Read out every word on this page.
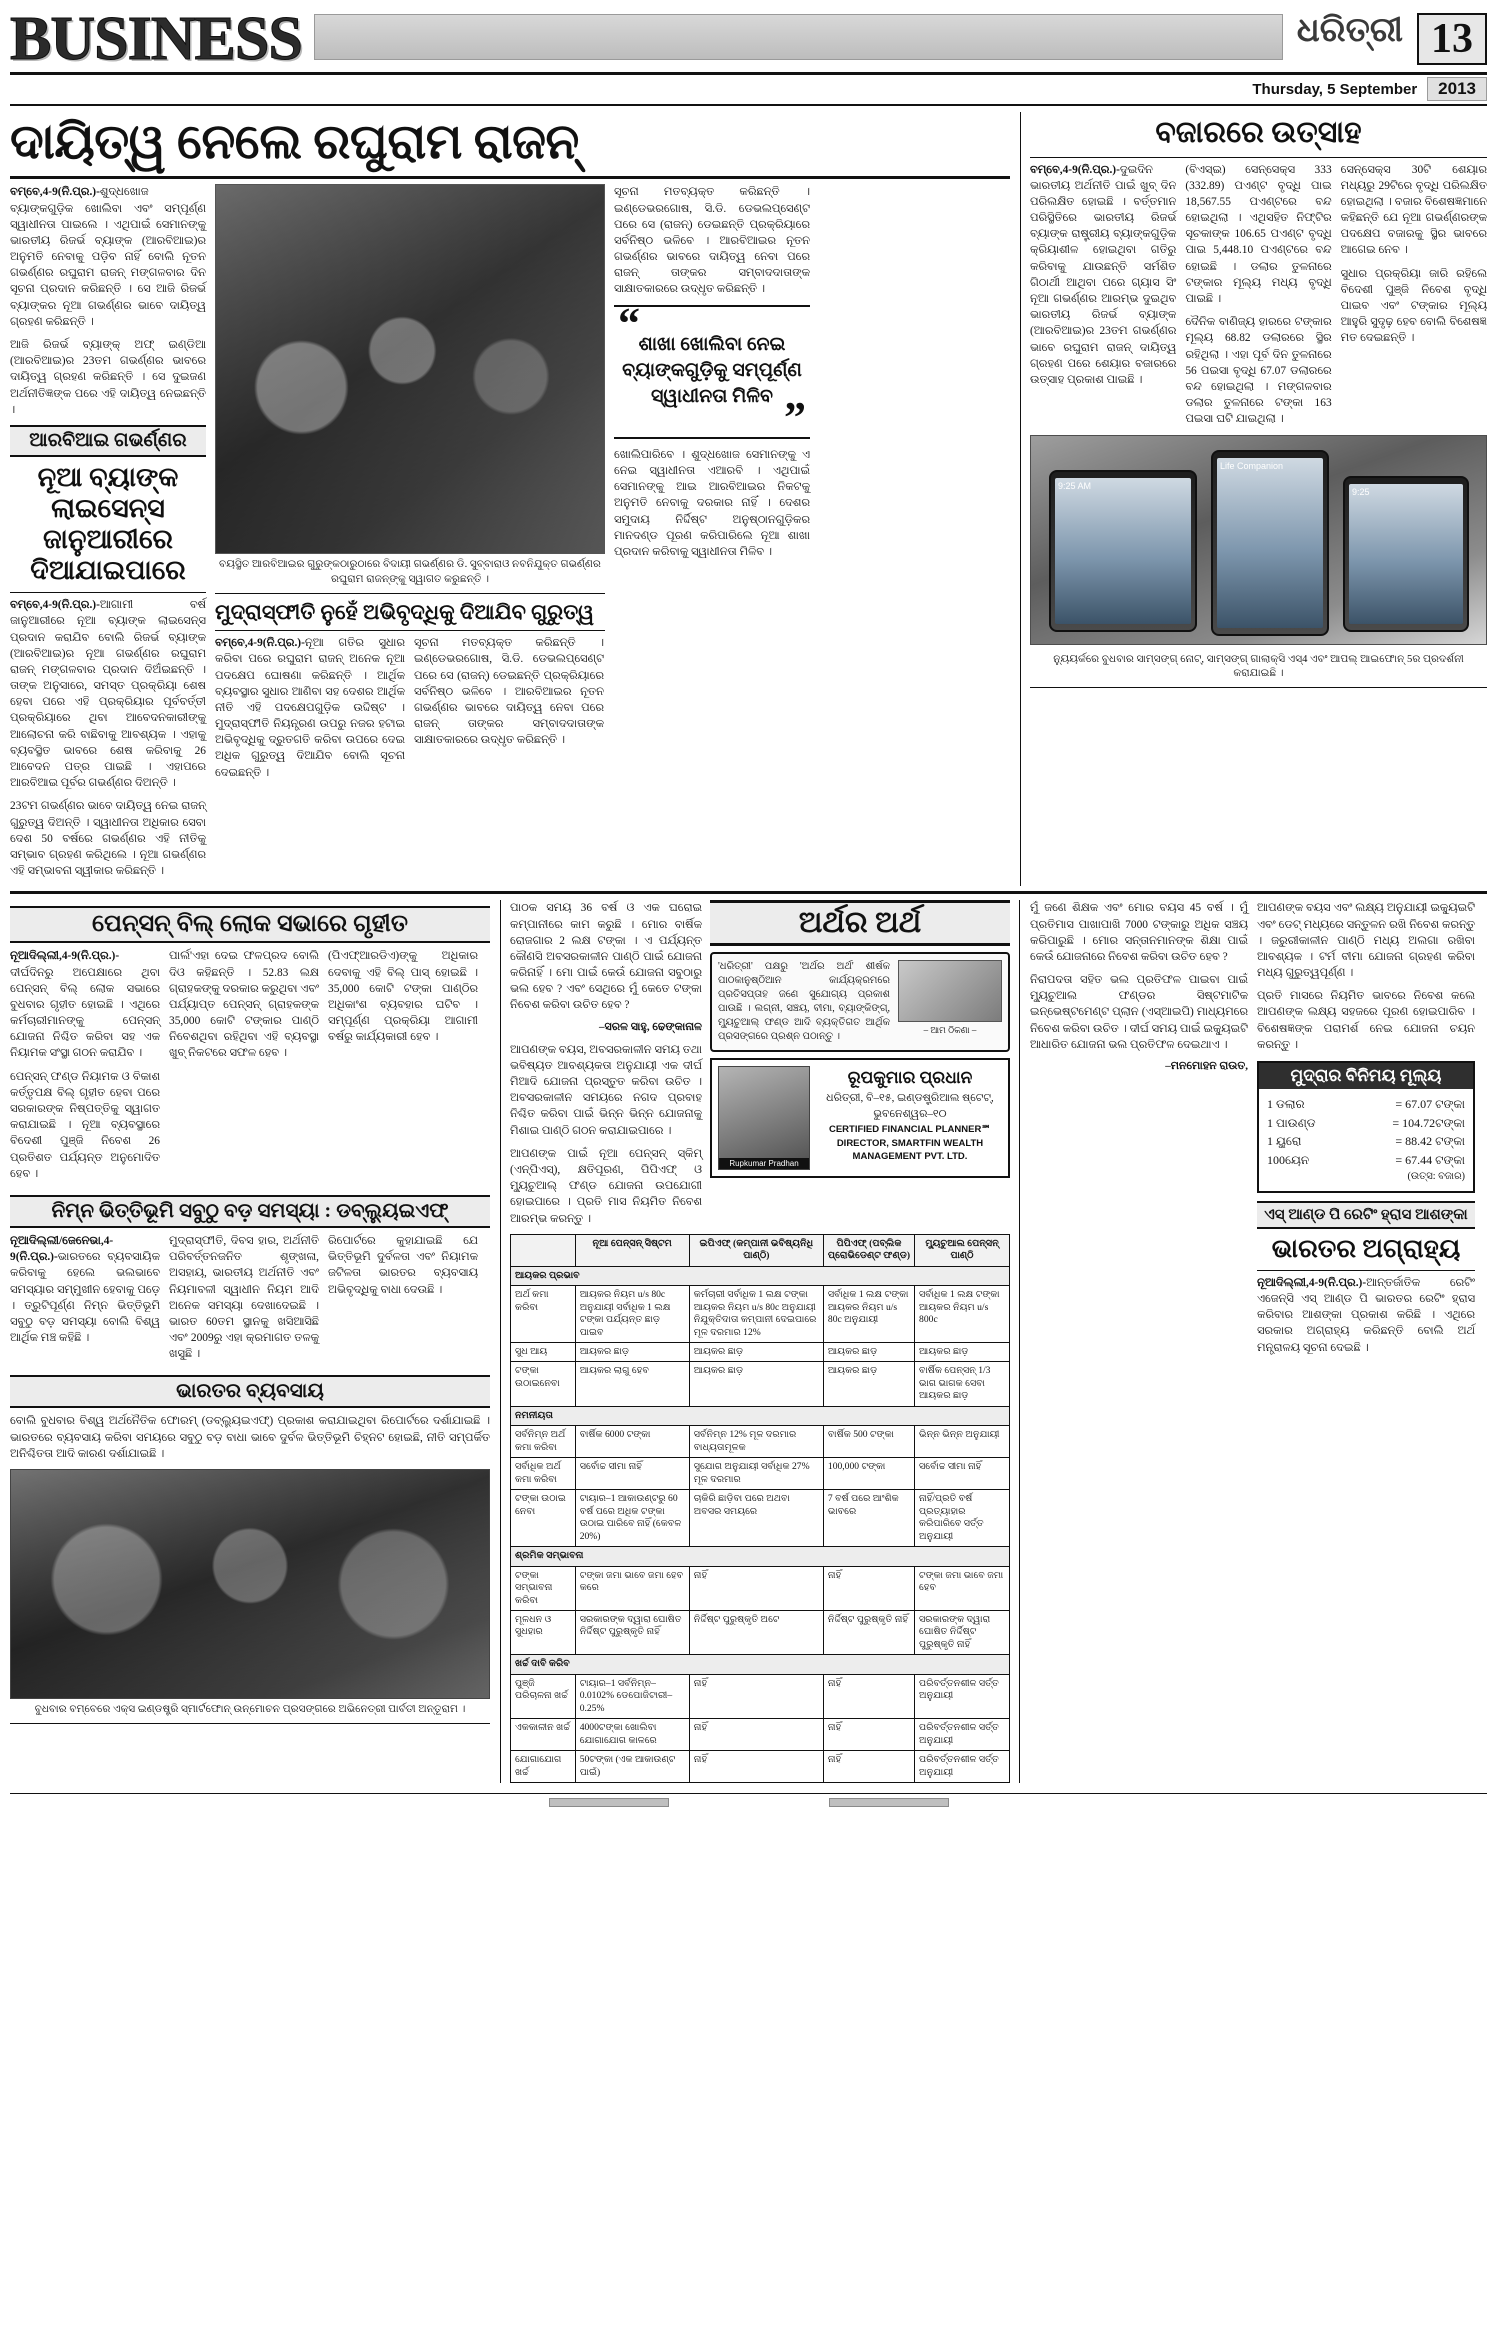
BUSINESS	ଧରିତ୍ରୀ 13
Thursday, 5 September	2013
ଦାୟିତ୍ୱ ନେଲେ ରଘୁରାମ ରାଜନ୍

ବମ୍ବେ,4-9(ନି.ପ୍ର.)-ଶୁଦ୍ଧଖୋଜ ବ୍ୟାଙ୍କଗୁଡ଼ିକ ଖୋଲିବା ଏବଂ ସମ୍ପୂର୍ଣ୍ଣ ସ୍ୱାଧୀନତା ପାଇଲେ । ଏଥିପାଇଁ ସେମାନଙ୍କୁ ଭାରତୀୟ ରିଜର୍ଭ ବ୍ୟାଙ୍କ (ଆରବିଆଇ)ର ଅନୁମତି ନେବାକୁ ପଡ଼ିବ ନାହିଁ ବୋଲି ନୂତନ ଗଭର୍ଣ୍ଣର ରଘୁରାମ ରାଜନ୍ ମଙ୍ଗଳବାର ଦିନ ସୂଚନା ପ୍ରଦାନ କରିଛନ୍ତି । ସେ ଆଜି ରିଜର୍ଭ ବ୍ୟାଙ୍କର ନୂଆ ଗଭର୍ଣ୍ଣର ଭାବେ ଦାୟିତ୍ୱ ଗ୍ରହଣ କରିଛନ୍ତି ।

ଆଜି ରିଜର୍ଭ ବ୍ୟାଙ୍କ୍ ଅଫ୍ ଇଣ୍ଡିଆ (ଆରବିଆଇ)ର 23ତମ ଗଭର୍ଣ୍ଣର ଭାବରେ ଦାୟିତ୍ୱ ଗ୍ରହଣ କରିଛନ୍ତି । ସେ ଦୁଇଜଣ ଅର୍ଥନୀତିଜ୍ଞଙ୍କ ପରେ ଏହି ଦାୟିତ୍ୱ ନେଇଛନ୍ତି ।

ଆରବିଆଇ ଗଭର୍ଣ୍ଣର
ନୂଆ ବ୍ୟାଙ୍କ ଲାଇସେନ୍ସ ଜାନୁଆରୀରେ ଦିଆଯାଇପାରେ

ବମ୍ବେ,4-9(ନି.ପ୍ର.)-ଆଗାମୀ ବର୍ଷ ଜାନୁଆରୀରେ ନୂଆ ବ୍ୟାଙ୍କ ଲାଇସେନ୍ସ ପ୍ରଦାନ କରାଯିବ ବୋଲି ରିଜର୍ଭ ବ୍ୟାଙ୍କ (ଆରବିଆଇ)ର ନୂଆ ଗଭର୍ଣ୍ଣର ରଘୁରାମ ରାଜନ୍ ମଙ୍ଗଳବାର ପ୍ରଦାନ ଦିଅଁଇଛନ୍ତି । ତାଙ୍କ ଅନୁସାରେ, ସମସ୍ତ ପ୍ରକ୍ରିୟା ଶେଷ ହେବା ପରେ ଏହି ପ୍ରକ୍ରିୟାର ପୂର୍ବବର୍ତ୍ତୀ ପ୍ରକ୍ରିୟାରେ ଥିବା ଆବେଦନକାରୀଙ୍କୁ ଆଲୋଚନା କରି ବାଛିବାକୁ ଆବଶ୍ୟକ । ଏହାକୁ ବ୍ୟବସ୍ଥିତ ଭାବରେ ଶେଷ କରିବାକୁ 26 ଆବେଦନ ପତ୍ର ପାଇଛି । ଏହାପରେ ଆରବିଆଇ ପୂର୍ବର ଗଭର୍ଣ୍ଣର ଦିଅନ୍ତି ।

23ଟମ ଗଭର୍ଣ୍ଣର ଭାବେ ଦାୟିତ୍ୱ ନେଇ ରାଜନ୍ ଗୁରୁତ୍ୱ ଦିଅନ୍ତି । ସ୍ୱାଧୀନତା ଅଧିକାର ସେବା ଦେଶ 50 ବର୍ଷରେ ଗଭର୍ଣ୍ଣର ଏହି ନୀତିକୁ ସମ୍ଭାବ ଗ୍ରହଣ କରିଥିଲେ । ନୂଆ ଗଭର୍ଣ୍ଣର ଏହି ସମ୍ଭାବନା ସ୍ୱୀକାର କରିଛନ୍ତି ।

ବୟସ୍ଥିତ ଆରବିଆଇର ଗୁରୁଙ୍କଠାରୁଠାରେ ବିଦାୟୀ ଗଭର୍ଣ୍ଣର ଡି. ସୁବ୍ବାରାଓ ନବନିଯୁକ୍ତ ଗଭର୍ଣ୍ଣର ରଘୁରାମ ରାଜନ୍‌ଙ୍କୁ ସ୍ୱାଗତ କରୁଛନ୍ତି ।
ମୁଦ୍ରାସ୍ଫୀତି ନୁହେଁ ଅଭିବୃଦ୍ଧିକୁ ଦିଆଯିବ ଗୁରୁତ୍ୱ

ବମ୍ବେ,4-9(ନି.ପ୍ର.)-ନୂଆ ଗତିର ସୁଧାର କରିବା ପରେ ରଘୁରାମ ରାଜନ୍ ଅନେକ ନୂଆ ପଦକ୍ଷେପ ଘୋଷଣା କରିଛନ୍ତି । ଆର୍ଥିକ ବ୍ୟବସ୍ଥାର ସୁଧାର ଆଣିବା ସହ ଦେଶର ଆର୍ଥିକ ନୀତି ଏହି ପଦକ୍ଷେପଗୁଡ଼ିକ ଉଦ୍ଦିଷ୍ଟ । ମୁଦ୍ରାସ୍ଫୀତି ନିୟନ୍ତ୍ରଣ ଉପରୁ ନଜର ହଟାଇ ଅଭିବୃଦ୍ଧିକୁ ଦ୍ରୁତଗତି କରିବା ଉପରେ ଦେଇ ଅଧିକ ଗୁରୁତ୍ୱ ଦିଆଯିବ ବୋଲି ସୂଚନା ଦେଇଛନ୍ତି ।

ସୂଚନା ମତବ୍ୟକ୍ତ କରିଛନ୍ତି । ଇଣ୍ଡେଭରଗୋଷ, ସି.ଡି. ଡେଭଲପ୍‌ସେଣ୍ଟ ପରେ ସେ (ରାଜନ୍) ଡେଇଛନ୍ତି ପ୍ରକ୍ରିୟାରେ ସର୍ବନିଷ୍ଠ ଭଳିବେ । ଆରବିଆଇର ନୂତନ ଗଭର୍ଣ୍ଣର ଭାବରେ ଦାୟିତ୍ୱ ନେବା ପରେ ରାଜନ୍ ତାଙ୍କର ସମ୍ବାଦଦାତାଙ୍କ ସାକ୍ଷାତକାରରେ ଉଦ୍ଧୃତ କରିଛନ୍ତି ।

ସୂଚନା ମତବ୍ୟକ୍ତ କରିଛନ୍ତି । ଇଣ୍ଡେଭରଗୋଷ, ସି.ଡି. ଡେଭଲପ୍‌ସେଣ୍ଟ ପରେ ସେ (ରାଜନ୍) ଡେଇଛନ୍ତି ପ୍ରକ୍ରିୟାରେ ସର୍ବନିଷ୍ଠ ଭଳିବେ । ଆରବିଆଇର ନୂତନ ଗଭର୍ଣ୍ଣର ଭାବରେ ଦାୟିତ୍ୱ ନେବା ପରେ ରାଜନ୍ ତାଙ୍କର ସମ୍ବାଦଦାତାଙ୍କ ସାକ୍ଷାତକାରରେ ଉଦ୍ଧୃତ କରିଛନ୍ତି ।

“
ଶାଖା ଖୋଲିବା ନେଇ ବ୍ୟାଙ୍କଗୁଡ଼ିକୁ ସମ୍ପୂର୍ଣ୍ଣ ସ୍ୱାଧୀନତା ମିଳିବ ”

ଖୋଲିପାରିବେ । ଶୁଦ୍ଧଖୋଜ ସେମାନଙ୍କୁ ଏ ନେଇ ସ୍ୱାଧୀନତା ଏଆରବି । ଏଥିପାଇଁ ସେମାନଙ୍କୁ ଆଇ ଆରବିଆଇର ନିକଟକୁ ଅନୁମତି ନେବାକୁ ଦରକାର ନାହିଁ । ଦେଶର ସମୁଦାୟ ନିର୍ଦ୍ଦିଷ୍ଟ ଅନୁଷ୍ଠାନଗୁଡ଼ିକର ମାନଦଣ୍ଡ ପୂରଣ କରିପାରିଲେ ନୂଆ ଶାଖା ପ୍ରଦାନ କରିବାକୁ ସ୍ୱାଧୀନତା ମିଳିବ ।

ବଜାରରେ ଉତ୍ସାହ

ବମ୍ବେ,4-9(ନି.ପ୍ର.)-ଦୁଇଦିନ ଭାରତୀୟ ଅର୍ଥନୀତି ପାଇଁ ଖୁବ୍ ଦିନ ପରିଲକ୍ଷିତ ହୋଇଛି । ବର୍ତ୍ତମାନ ପରିସ୍ଥିତିରେ ଭାରତୀୟ ରିଜର୍ଭ ବ୍ୟାଙ୍କ ରାଷ୍ଟ୍ରୀୟ ବ୍ୟାଙ୍କଗୁଡ଼ିକ କ୍ରିୟାଶୀଳ ହୋଇଥିବା ଗତିରୁ କରିବାକୁ ଯାଉଛନ୍ତି ସର୍ମଶିତ ଗିଠାର୍ଥୀ ଆଥିବା ପରେ ଗ୍ୟାସ ସିଂ ନୂଆ ଗଭର୍ଣ୍ଣର ଆରମ୍ଭ ଦୁଇଥିବ ଭାରତୀୟ ରିଜର୍ଭ ବ୍ୟାଙ୍କ (ଆରବିଆଇ)ର 23ତମ ଗଭର୍ଣ୍ଣର ଭାବେ ରଘୁରାମ ରାଜନ୍ ଦାୟିତ୍ୱ ଗ୍ରହଣ ପରେ ଶେୟାର ବଜାରରେ ଉତ୍ସାହ ପ୍ରକାଶ ପାଇଛି ।

(ବିଏସ୍‌ଇ) ସେନ୍‌ସେକ୍‌ସ 333 (332.89) ପଏଣ୍ଟ ବୃଦ୍ଧି ପାଇ 18,567.55 ପଏଣ୍ଟରେ ବନ୍ଦ ହୋଇଥିଲା । ଏଥିସହିତ ନିଫ୍‌ଟିର ସୂଚକାଙ୍କ 106.65 ପଏଣ୍ଟ ବୃଦ୍ଧି ପାଇ 5,448.10 ପଏଣ୍ଟରେ ବନ୍ଦ ହୋଇଛି । ଡଲାର ତୁଳନାରେ ଟଙ୍କାର ମୂଲ୍ୟ ମଧ୍ୟ ବୃଦ୍ଧି ପାଇଛି ।

ଦୈନିକ ବାଣିଜ୍ୟ ହାରରେ ଟଙ୍କାର ମୂଲ୍ୟ 68.82 ଡଲାରରେ ସ୍ଥିର ରହିଥିଲା । ଏହା ପୂର୍ବ ଦିନ ତୁଳନାରେ 56 ପଇସା ବୃଦ୍ଧି 67.07 ଡଲାରରେ ବନ୍ଦ ହୋଇଥିଲା । ମଙ୍ଗଳବାର ଡଲାର ତୁଳନାରେ ଟଙ୍କା 163 ପଇସା ଘଟି ଯାଇଥିଲା ।

ସେନ୍‌ସେକ୍‌ସ 30ଟି ଶେୟାର ମଧ୍ୟରୁ 29ଟିରେ ବୃଦ୍ଧି ପରିଲକ୍ଷିତ ହୋଇଥିଲା । ବଜାର ବିଶେଷଜ୍ଞମାନେ କହିଛନ୍ତି ଯେ ନୂଆ ଗଭର୍ଣ୍ଣରଙ୍କ ପଦକ୍ଷେପ ବଜାରକୁ ସ୍ଥିର ଭାବରେ ଆଗେଇ ନେବ ।

ସୁଧାର ପ୍ରକ୍ରିୟା ଜାରି ରହିଲେ ବିଦେଶୀ ପୁଞ୍ଜି ନିବେଶ ବୃଦ୍ଧି ପାଇବ ଏବଂ ଟଙ୍କାର ମୂଲ୍ୟ ଆହୁରି ସୁଦୃଢ଼ ହେବ ବୋଲି ବିଶେଷଜ୍ଞ ମତ ଦେଇଛନ୍ତି ।

9:25 AM
Life Companion
9:25
ନ୍ୟୁୟର୍କରେ ବୁଧବାର ସାମ୍‌ସଙ୍ଗ୍ ନୋଟ୍, ସାମ୍‌ସଙ୍ଗ୍ ଗାଲାକ୍ସି ଏସ୍‌4 ଏବଂ ଆପଲ୍ ଆଇଫୋନ୍ 5ର ପ୍ରଦର୍ଶନୀ କରାଯାଇଛି ।
ପେନ୍‌ସନ୍ ବିଲ୍ ଲୋକ ସଭାରେ ଗୃହୀତ

ନୂଆଦିଲ୍ଲୀ,4-9(ନି.ପ୍ର.)-ଦୀର୍ଘଦିନରୁ ଅପେକ୍ଷାରେ ଥିବା ପେନ୍‌ସନ୍ ବିଲ୍ ଲୋକ ସଭାରେ ବୁଧବାର ଗୃହୀତ ହୋଇଛି । ଏଥିରେ କର୍ମଚାରୀମାନଙ୍କୁ ପେନ୍‌ସନ୍ ଯୋଜନା ନିଶ୍ଚିତ କରିବା ସହ ଏକ ନିୟାମକ ସଂସ୍ଥା ଗଠନ କରାଯିବ ।

ପେନ୍‌ସନ୍ ଫଣ୍ଡ ନିୟାମକ ଓ ବିକାଶ କର୍ତ୍ତୃପକ୍ଷ ବିଲ୍ ଗୃହୀତ ହେବା ପରେ ସରକାରଙ୍କ ନିଷ୍ପତ୍ତିକୁ ସ୍ୱାଗତ କରାଯାଇଛି । ନୂଆ ବ୍ୟବସ୍ଥାରେ ବିଦେଶୀ ପୁଞ୍ଜି ନିବେଶ 26 ପ୍ରତିଶତ ପର୍ଯ୍ୟନ୍ତ ଅନୁମୋଦିତ ହେବ ।

ପାର୍ଲ'ଏହା ଦେଇ ଫଳପ୍ରଦ ବୋଲି ଦିଓ କହିଛନ୍ତି । 52.83 ଲକ୍ଷ ଗ୍ରାହକଙ୍କୁ ଦରକାର କରୁଥିବା ଏବଂ ପର୍ଯ୍ୟାପ୍ତ ପେନ୍‌ସନ୍ ଗ୍ରାହକଙ୍କ 35,000 କୋଟି ଟଙ୍କାର ପାଣ୍ଠି ନିବେଶଥିବା ରହିଥିବା ଏହି ବ୍ୟବସ୍ଥା ଖୁବ୍ ନିକଟରେ ସଫଳ ହେବ ।

(ପିଏଫ୍‌ଆରଡିଏ)ଙ୍କୁ ଅଧିକାର ଦେବାକୁ ଏହି ବିଲ୍ ପାସ୍ ହୋଇଛି । 35,000 କୋଟି ଟଙ୍କା ପାଣ୍ଠିର ଅଧିକାଂଶ ବ୍ୟବହାର ଘଟିବ । ସମ୍ପୂର୍ଣ୍ଣ ପ୍ରକ୍ରିୟା ଆଗାମୀ ବର୍ଷରୁ କାର୍ଯ୍ୟକାରୀ ହେବ ।

ନିମ୍ନ ଭିତ୍ତିଭୂମି ସବୁଠୁ ବଡ଼ ସମସ୍ୟା : ଡବ୍ଲ୍ୟୁଇଏଫ୍

ନୂଆଦିଲ୍ଲୀ/ଜେନେଭା,4-9(ନି.ପ୍ର.)-ଭାରତରେ ବ୍ୟବସାୟିକ କରିବାକୁ ହେଲେ ଭଲଭାବେ ସମସ୍ୟାର ସମ୍ମୁଖୀନ ହେବାକୁ ପଡ଼େ । ତ୍ରୁଟିପୂର୍ଣ୍ଣ ନିମ୍ନ ଭିତ୍ତିଭୂମି ସବୁଠୁ ବଡ଼ ସମସ୍ୟା ବୋଲି ବିଶ୍ୱ ଆର୍ଥିକ ମଞ୍ଚ କହିଛି ।

ମୁଦ୍ରାସ୍ଫୀତି, ଦିବସ ହାର, ଅର୍ଥନୀତି ପରିବର୍ତ୍ତନଜନିତ ଶୃଙ୍ଖଳା, ଅସହାୟ, ଭାରତୀୟ ଅର୍ଥନୀତି ଏବଂ ନିୟମାବଳୀ ସ୍ୱାଧୀନ ନିୟମ ଆଦି ଅନେକ ସମସ୍ୟା ଦେଖାଦେଇଛି । ଭାରତ 60ତମ ସ୍ଥାନକୁ ଖସିଆସିଛି ଏବଂ 2009ରୁ ଏହା କ୍ରମାଗତ ତଳକୁ ଖସୁଛି ।

ରିପୋର୍ଟରେ କୁହାଯାଇଛି ଯେ ଭିତ୍ତିଭୂମି ଦୁର୍ବଳତା ଏବଂ ନିୟାମକ ଜଟିଳତା ଭାରତର ବ୍ୟବସାୟ ଅଭିବୃଦ୍ଧିକୁ ବାଧା ଦେଉଛି ।

ଭାରତର ବ୍ୟବସାୟ

ବୋଲି ବୁଧବାର ବିଶ୍ୱ ଅର୍ଥନୈତିକ ଫୋରମ୍ (ଡବ୍ଲ୍ୟୁଇଏଫ୍) ପ୍ରକାଶ କରାଯାଇଥିବା ରିପୋର୍ଟରେ ଦର୍ଶାଯାଇଛି । ଭାରତରେ ବ୍ୟବସାୟ କରିବା ସମୟରେ ସବୁଠୁ ବଡ଼ ବାଧା ଭାବେ ଦୁର୍ବଳ ଭିତ୍ତିଭୂମି ଚିହ୍ନଟ ହୋଇଛି, ନୀତି ସମ୍ପର୍କିତ ଅନିଶ୍ଚିତତା ଆଦି କାରଣ ଦର୍ଶାଯାଇଛି ।

ବୁଧବାର ବମ୍ବେରେ ଏକ୍ସ ଇଣ୍ଡଷ୍ଟ୍ରି ସ୍ମାର୍ଟଫୋନ୍ ଉନ୍ମୋଚନ ପ୍ରସଙ୍ଗରେ ଅଭିନେତ୍ରୀ ପାର୍ବତୀ ଅନ୍ତୂରାମ ।

ପାଠକ ସମୟ 36 ବର୍ଷ ଓ ଏକ ଘରୋଇ କମ୍ପାନୀରେ କାମ କରୁଛି । ମୋର ବାର୍ଷିକ ରୋଜଗାର 2 ଲକ୍ଷ ଟଙ୍କା । ଏ ପର୍ଯ୍ୟନ୍ତ କୌଣସି ଅବସରକାଳୀନ ପାଣ୍ଠି ପାଇଁ ଯୋଜନା କରିନାହିଁ । ମୋ ପାଇଁ କେଉଁ ଯୋଜନା ସବୁଠାରୁ ଭଲ ହେବ ? ଏବଂ ସେଥିରେ ମୁଁ କେତେ ଟଙ୍କା ନିବେଶ କରିବା ଉଚିତ ହେବ ?

–ସରଳ ସାହୁ, ଢେଙ୍କାନାଳ

ଆପଣଙ୍କ ବୟସ, ଅବସରକାଳୀନ ସମୟ ତଥା ଭବିଷ୍ୟତ ଆବଶ୍ୟକତା ଅନୁଯାୟୀ ଏକ ଦୀର୍ଘ ମିଆଦି ଯୋଜନା ପ୍ରସ୍ତୁତ କରିବା ଉଚିତ । ଅବସରକାଳୀନ ସମୟରେ ନଗଦ ପ୍ରବାହ ନିଶ୍ଚିତ କରିବା ପାଇଁ ଭିନ୍ନ ଭିନ୍ନ ଯୋଜନାକୁ ମିଶାଇ ପାଣ୍ଠି ଗଠନ କରାଯାଇପାରେ ।

ଆପଣଙ୍କ ପାଇଁ ନୂଆ ପେନ୍‌ସନ୍ ସ୍କିମ୍ (ଏନ୍‌ପିଏସ୍), କ୍ଷତିପୂରଣ, ପିପିଏଫ୍ ଓ ମ୍ୟୁଚୁଆଲ୍ ଫଣ୍ଡ ଯୋଜନା ଉପଯୋଗୀ ହୋଇପାରେ । ପ୍ରତି ମାସ ନିୟମିତ ନିବେଶ ଆରମ୍ଭ କରନ୍ତୁ ।

ଅର୍ଥର ଅର୍ଥ
'ଧରିତ୍ରୀ' ପକ୍ଷରୁ 'ଅର୍ଥର ଅର୍ଥ' ଶୀର୍ଷକ ପାଠକାନୁଷ୍ଠିଆନ କାର୍ଯ୍ୟକ୍ରମରେ ପ୍ରତିସପ୍ତାହ ଜଣେ ସୁଯୋଗ୍ୟ ପ୍ରକାଶ ପାଉଛି । ଲଗ୍ନୀ, ସଞ୍ଚୟ, ବୀମା, ବ୍ୟାଙ୍କିଙ୍ଗ୍, ମ୍ୟୁଚୁଆଲ୍ ଫଣ୍ଡ ଆଦି ବ୍ୟକ୍ତିଗତ ଆର୍ଥିକ ପ୍ରସଙ୍ଗରେ ପ୍ରଶ୍ନ ପଠାନ୍ତୁ ।
– ଆମ ଠିକଣା –
Rupkumar Pradhan
ରୂପକୁମାର ପ୍ରଧାନ
ଧରିତ୍ରୀ, ବି–୧୫, ଇଣ୍ଡଷ୍ଟ୍ରିଆଲ ଷ୍ଟେଟ୍, ଭୁବନେଶ୍ୱର–୧୦
CERTIFIED FINANCIAL PLANNER℠
DIRECTOR, SMARTFIN WEALTH MANAGEMENT PVT. LTD.
	ନୂଆ ପେନ୍‌ସନ୍ ସିଷ୍ଟମ	ଇପିଏଫ୍ (କମ୍ପାନୀ ଭବିଷ୍ୟନିଧି ପାଣ୍ଠି)	ପିପିଏଫ୍ (ପବ୍ଲିକ ପ୍ରୋଭିଡେଣ୍ଟ ଫଣ୍ଡ)	ମ୍ୟୁଚୁଆଲ ପେନ୍‌ସନ୍ ପାଣ୍ଠି
ଆୟକର ପ୍ରଭାବ				
ଅର୍ଥ କମା କରିବା	ଆୟକର ନିୟମ u/s 80c ଅନୁଯାୟୀ ସର୍ବାଧିକ 1 ଲକ୍ଷ ଟଙ୍କା ପର୍ଯ୍ୟନ୍ତ ଛାଡ଼ ପାଇବ	କର୍ମଚାରୀ ସର୍ବାଧିକ 1 ଲକ୍ଷ ଟଙ୍କା ଆୟକର ନିୟମ u/s 80c ଅନୁଯାୟୀ ନିଯୁକ୍ତିଦାତା କମ୍ପାନୀ ଦେଇପାରେ ମୂଳ ଦରମାର 12%	ସର୍ବାଧିକ 1 ଲକ୍ଷ ଟଙ୍କା ଆୟକର ନିୟମ u/s 80c ଅନୁଯାୟୀ	ସର୍ବାଧିକ 1 ଲକ୍ଷ ଟଙ୍କା ଆୟକର ନିୟମ u/s 800c
ସୁଧ ଆୟ	ଆୟକର ଛାଡ଼	ଆୟକର ଛାଡ଼	ଆୟକର ଛାଡ଼	ଆୟକର ଛାଡ଼
ଟଙ୍କା ଉଠାଇନେବା	ଆୟକର ଲାଗୁ ହେବ	ଆୟକର ଛାଡ଼	ଆୟକର ଛାଡ଼	ବାର୍ଷିକ ପେନ୍‌ସନ୍ 1/3 ଭାଗ ଭାଗକ ସେବା ଆୟକର ଛାଡ଼
ନମନୀୟତା				
ସର୍ବନିମ୍ନ ଅର୍ଥ କମା କରିବା	ବାର୍ଷିକ 6000 ଟଙ୍କା	ସର୍ବନିମ୍ନ 12% ମୂଳ ଦରମାର ବାଧ୍ୟତାମୂଳକ	ବାର୍ଷିକ 500 ଟଙ୍କା	ଭିନ୍ନ ଭିନ୍ନ ଅନୁଯାୟୀ
ସର୍ବାଧିକ ଅର୍ଥ କମା କରିବା	ସର୍ବୋଚ୍ଚ ସୀମା ନାହିଁ	ସୁଯୋଗ ଅନୁଯାୟୀ ସର୍ବାଧିକ 27% ମୂଳ ଦରମାର	100,000 ଟଙ୍କା	ସର୍ବୋଚ୍ଚ ସୀମା ନାହିଁ
ଟଙ୍କା ଉଠାଇ ନେବା	ଟାୟାର–1 ଆକାଉଣ୍ଟରୁ 60 ବର୍ଷ ପରେ ଅଧିକ ଟଙ୍କା ଉଠାଇ ପାରିବେ ନାହିଁ (କେବଳ 20%)	ଚାକିରି ଛାଡ଼ିବା ପରେ ଅଥବା ଅବସର ସମୟରେ	7 ବର୍ଷ ପରେ ଆଂଶିକ ଭାବରେ	ନାହିଁ/ପ୍ରତି ବର୍ଷ ପ୍ରତ୍ୟାହାର କରିପାରିବେ ସର୍ତ୍ତ ଅନୁଯାୟୀ
ଶ୍ରମିକ ସମ୍ଭାବନା				
ଟଙ୍କା ସମ୍ଭାବନା କରିବା	ଟଙ୍କା ଜମା ଭାବେ ଜମା ହେବ କରେ	ନାହିଁ	ନାହିଁ	ଟଙ୍କା ଜମା ଭାବେ ଜମା ହେବ
ମୂଳଧନ ଓ ସୁଧହାର	ସରକାରଙ୍କ ଦ୍ୱାରା ଘୋଷିତ ନିର୍ଦ୍ଦିଷ୍ଟ ପୁରୁଷ୍କୃତି ନାହିଁ	ନିର୍ଦ୍ଦିଷ୍ଟ ପୁରୁଷ୍କୃତି ଅଟେ	ନିର୍ଦ୍ଦିଷ୍ଟ ପୁରୁଷ୍କୃତି ନାହିଁ	ସରକାରଙ୍କ ଦ୍ୱାରା ଘୋଷିତ ନିର୍ଦ୍ଦିଷ୍ଟ ପୁରୁଷ୍କୃତି ନାହିଁ
ଖର୍ଚ୍ଚ ଦାବି କରିବ				
ପୁଞ୍ଜି ପରିଚାଳନା ଖର୍ଚ୍ଚ	ଟାୟାର–1 ସର୍ବନିମ୍ନ–0.0102% ଡେପୋଜିଟାରୀ–0.25%	ନାହିଁ	ନାହିଁ	ପରିବର୍ତ୍ତନଶୀଳ ସର୍ତ୍ତ ଅନୁଯାୟୀ
ଏକକାଳୀନ ଖର୍ଚ୍ଚ	4000ଟଙ୍କା ଖୋଲିବା ଯୋଗାଯୋଗ କାଳରେ	ନାହିଁ	ନାହିଁ	ପରିବର୍ତ୍ତନଶୀଳ ସର୍ତ୍ତ ଅନୁଯାୟୀ
ଯୋଗାଯୋଗ ଖର୍ଚ୍ଚ	50ଟଙ୍କା (ଏକ ଆକାଉଣ୍ଟ ପାଇଁ)	ନାହିଁ	ନାହିଁ	ପରିବର୍ତ୍ତନଶୀଳ ସର୍ତ୍ତ ଅନୁଯାୟୀ

ମୁଁ ଜଣେ ଶିକ୍ଷକ ଏବଂ ମୋର ବୟସ 45 ବର୍ଷ । ମୁଁ ପ୍ରତିମାସ ପାଖାପାଖି 7000 ଟଙ୍କାରୁ ଅଧିକ ସଞ୍ଚୟ କରିପାରୁଛି । ମୋର ସନ୍ତାନମାନଙ୍କ ଶିକ୍ଷା ପାଇଁ କେଉଁ ଯୋଜନାରେ ନିବେଶ କରିବା ଉଚିତ ହେବ ?

ନିରାପଦତା ସହିତ ଭଲ ପ୍ରତିଫଳ ପାଇବା ପାଇଁ ମ୍ୟୁଚୁଆଲ ଫଣ୍ଡର ସିଷ୍ଟମାଟିକ ଇନ୍‌ଭେଷ୍ଟମେଣ୍ଟ ପ୍ଲାନ (ଏସ୍‌ଆଇପି) ମାଧ୍ୟମରେ ନିବେଶ କରିବା ଉଚିତ । ଦୀର୍ଘ ସମୟ ପାଇଁ ଇକ୍ୟୁଇଟି ଆଧାରିତ ଯୋଜନା ଭଲ ପ୍ରତିଫଳ ଦେଇଥାଏ ।

–ମନମୋହନ ରାଉତ,

ଆପଣଙ୍କ ବୟସ ଏବଂ ଲକ୍ଷ୍ୟ ଅନୁଯାୟୀ ଇକ୍ୟୁଇଟି ଏବଂ ଡେଟ୍ ମଧ୍ୟରେ ସନ୍ତୁଳନ ରଖି ନିବେଶ କରନ୍ତୁ । ଜରୁରୀକାଳୀନ ପାଣ୍ଠି ମଧ୍ୟ ଅଲଗା ରଖିବା ଆବଶ୍ୟକ । ଟର୍ମ ବୀମା ଯୋଜନା ଗ୍ରହଣ କରିବା ମଧ୍ୟ ଗୁରୁତ୍ୱପୂର୍ଣ୍ଣ ।

ପ୍ରତି ମାସରେ ନିୟମିତ ଭାବରେ ନିବେଶ କଲେ ଆପଣଙ୍କ ଲକ୍ଷ୍ୟ ସହଜରେ ପୂରଣ ହୋଇପାରିବ । ବିଶେଷଜ୍ଞଙ୍କ ପରାମର୍ଶ ନେଇ ଯୋଜନା ଚୟନ କରନ୍ତୁ ।

ମୁଦ୍ରାର ବିନିମୟ ମୂଲ୍ୟ
1 ଡଲାର	= 67.07 ଟଙ୍କା
1 ପାଉଣ୍ଡ	= 104.72ଟଙ୍କା
1 ୟୁରୋ	= 88.42 ଟଙ୍କା
100ୟେନ	= 67.44 ଟଙ୍କା
(ଉତ୍ସ: ବଜାର)
ଏସ୍ ଆଣ୍ଡ ପି ରେଟିଂ ହ୍ରାସ ଆଶଙ୍କା
ଭାରତର ଅଗ୍ରାହ୍ୟ

ନୂଆଦିଲ୍ଲୀ,4-9(ନି.ପ୍ର.)-ଆନ୍ତର୍ଜାତିକ ରେଟିଂ ଏଜେନ୍ସି ଏସ୍ ଆଣ୍ଡ ପି ଭାରତର ରେଟିଂ ହ୍ରାସ କରିବାର ଆଶଙ୍କା ପ୍ରକାଶ କରିଛି । ଏଥିରେ ସରକାର ଅଗ୍ରାହ୍ୟ କରିଛନ୍ତି ବୋଲି ଅର୍ଥ ମନ୍ତ୍ରାଳୟ ସୂଚନା ଦେଇଛି ।
